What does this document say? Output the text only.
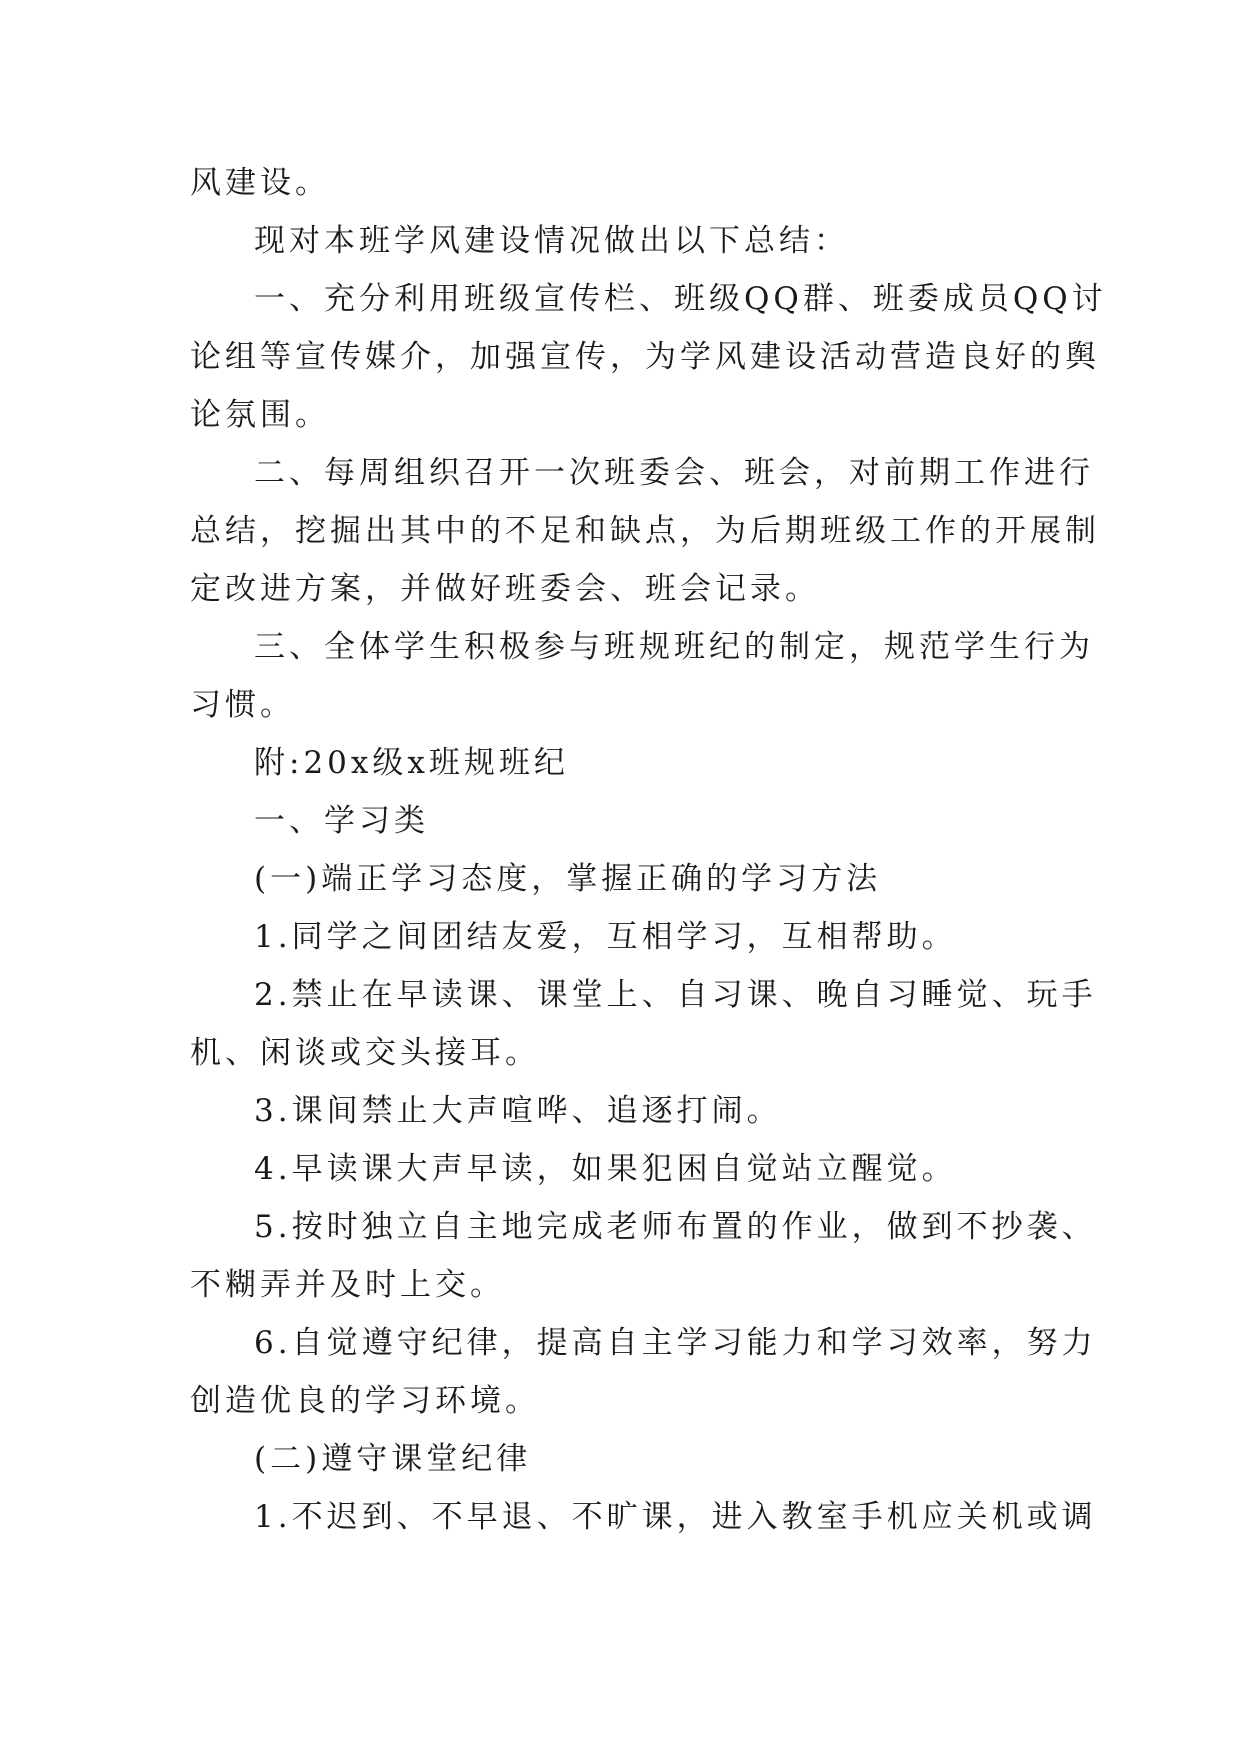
风建设。

现对本班学风建设情况做出以下总结：

一、充分利用班级宣传栏、班级QQ群、班委成员QQ讨
论组等宣传媒介，加强宣传，为学风建设活动营造良好的舆
论氛围。

二、每周组织召开一次班委会、班会，对前期工作进行
总结，挖掘出其中的不足和缺点，为后期班级工作的开展制
定改进方案，并做好班委会、班会记录。

三、全体学生积极参与班规班纪的制定，规范学生行为
习惯。

附:20x级x班规班纪

一、学习类

(一)端正学习态度，掌握正确的学习方法

1.同学之间团结友爱，互相学习，互相帮助。

2.禁止在早读课、课堂上、自习课、晚自习睡觉、玩手
机、闲谈或交头接耳。

3.课间禁止大声喧哗、追逐打闹。

4.早读课大声早读，如果犯困自觉站立醒觉。

5.按时独立自主地完成老师布置的作业，做到不抄袭、
不糊弄并及时上交。

6.自觉遵守纪律，提高自主学习能力和学习效率，努力
创造优良的学习环境。

(二)遵守课堂纪律

1.不迟到、不早退、不旷课，进入教室手机应关机或调
